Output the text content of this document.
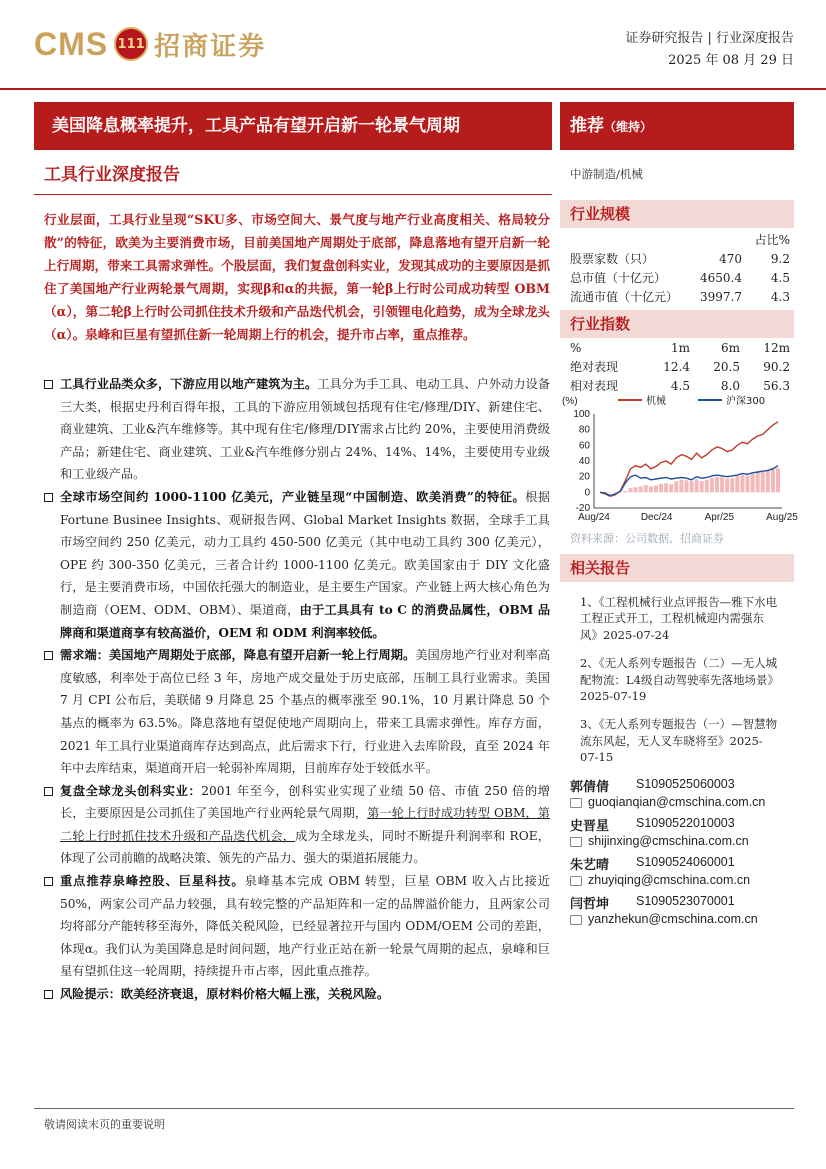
CMS 111 招商证券	证券研究报告 | 行业深度报告
2025 年 08 月 29 日
美国降息概率提升，工具产品有望开启新一轮景气周期	推荐（维持）
工具行业深度报告
行业层面，工具行业呈现“SKU多、市场空间大、景气度与地产行业高度相关、格局较分散”的特征，欧美为主要消费市场，目前美国地产周期处于底部，降息落地有望开启新一轮上行周期，带来工具需求弹性。个股层面，我们复盘创科实业，发现其成功的主要原因是抓住了美国地产行业两轮景气周期，实现β和α的共振，第一轮β上行时公司成功转型 OBM（α），第二轮β上行时公司抓住技术升级和产品迭代机会，引领锂电化趋势，成为全球龙头（α）。泉峰和巨星有望抓住新一轮周期上行的机会，提升市占率，重点推荐。
工具行业品类众多，下游应用以地产建筑为主。工具分为手工具、电动工具、户外动力设备三大类，根据史丹利百得年报，工具的下游应用领域包括现有住宅/修理/DIY、新建住宅、商业建筑、工业&汽车维修等。其中现有住宅/修理/DIY需求占比约 20%，主要使用消费级产品；新建住宅、商业建筑、工业&汽车维修分别占 24%、14%、14%，主要使用专业级和工业级产品。
全球市场空间约 1000-1100 亿美元，产业链呈现“中国制造、欧美消费”的特征。根据 Fortune Businee Insights、观研报告网、Global Market Insights 数据，全球手工具市场空间约 250 亿美元，动力工具约 450-500 亿美元（其中电动工具约 300 亿美元），OPE 约 300-350 亿美元，三者合计约 1000-1100 亿美元。欧美国家由于 DIY 文化盛行，是主要消费市场，中国依托强大的制造业，是主要生产国家。产业链上两大核心角色为制造商（OEM、ODM、OBM）、渠道商，由于工具具有 to C 的消费品属性，OBM 品牌商和渠道商享有较高溢价，OEM 和 ODM 利润率较低。
需求端：美国地产周期处于底部，降息有望开启新一轮上行周期。美国房地产行业对利率高度敏感，利率处于高位已经 3 年，房地产成交量处于历史底部，压制工具行业需求。美国 7 月 CPI 公布后，美联储 9 月降息 25 个基点的概率涨至 90.1%，10 月累计降息 50 个基点的概率为 63.5%。降息落地有望促使地产周期向上，带来工具需求弹性。库存方面，2021 年工具行业渠道商库存达到高点，此后需求下行，行业进入去库阶段，直至 2024 年年中去库结束，渠道商开启一轮弱补库周期，目前库存处于较低水平。
复盘全球龙头创科实业：2001 年至今，创科实业实现了业绩 50 倍、市值 250 倍的增长，主要原因是公司抓住了美国地产行业两轮景气周期，第一轮上行时成功转型 OBM，第二轮上行时抓住技术升级和产品迭代机会，成为全球龙头，同时不断提升利润率和 ROE，体现了公司前瞻的战略决策、领先的产品力、强大的渠道拓展能力。
重点推荐泉峰控股、巨星科技。泉峰基本完成 OBM 转型，巨星 OBM 收入占比接近 50%，两家公司产品力较强，具有较完整的产品矩阵和一定的品牌溢价能力，且两家公司均将部分产能转移至海外，降低关税风险，已经显著拉开与国内 ODM/OEM 公司的差距，体现α。我们认为美国降息是时间问题，地产行业正站在新一轮景气周期的起点，泉峰和巨星有望抓住这一轮周期，持续提升市占率，因此重点推荐。
风险提示：欧美经济衰退，原材料价格大幅上涨，关税风险。
中游制造/机械
行业规模
		占比%
股票家数（只）	470	9.2
总市值（十亿元）	4650.4	4.5
流通市值（十亿元）	3997.7	4.3
行业指数
%	1m	6m	12m
绝对表现	12.4	20.5	90.2
相对表现	4.5	8.0	56.3
(%)
100
80
60
40
20
0
-20
Aug/24	Dec/24	Apr/25	Aug/25
机械	沪深300
资料来源：公司数据、招商证券
相关报告
1、《工程机械行业点评报告—雅下水电工程正式开工，工程机械迎内需强东风》2025-07-24
2、《无人系列专题报告（二）—无人城配物流：L4级自动驾驶率先落地场景》2025-07-19
3、《无人系列专题报告（一）—智慧物流东风起，无人叉车晓将至》2025-07-15
郭倩倩 S1090525060003
guoqianqian@cmschina.com.cn
史晋星 S1090522010003
shijinxing@cmschina.com.cn
朱艺晴 S1090524060001
zhuyiqing@cmschina.com.cn
闫哲坤 S1090523070001
yanzhekun@cmschina.com.cn
敬请阅读末页的重要说明
